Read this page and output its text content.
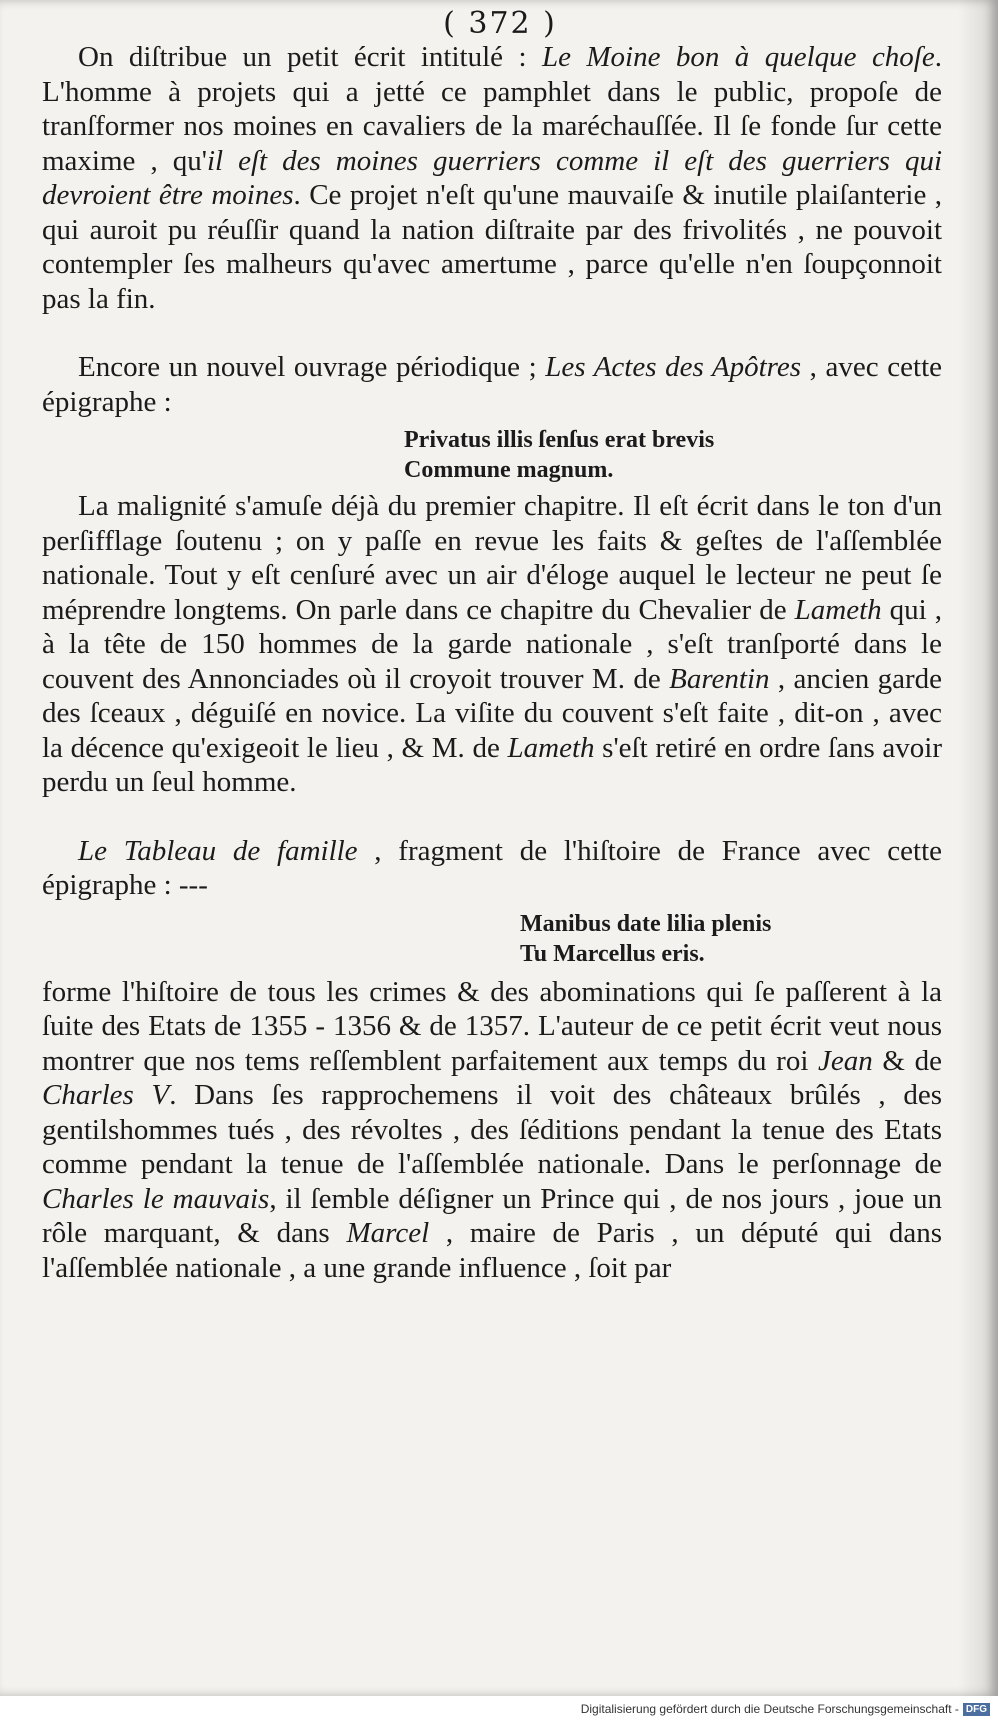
( 372 )

On diſtribue un petit écrit intitulé : Le Moine bon à quelque choſe. L'homme à projets qui a jetté ce pamphlet dans le public, propoſe de tranſformer nos moines en cavaliers de la maréchauſſée. Il ſe fonde ſur cette maxime , qu'il eſt des moines guerriers comme il eſt des guerriers qui devroient être moines. Ce projet n'eſt qu'une mauvaiſe & inutile plaiſanterie , qui auroit pu réuſſir quand la nation diſtraite par des frivolités , ne pouvoit contempler ſes malheurs qu'avec amertume , parce qu'elle n'en ſoupçonnoit pas la fin.

Encore un nouvel ouvrage périodique ; Les Actes des Apôtres , avec cette épigraphe :

Privatus illis ſenſus erat brevis
Commune magnum.

La malignité s'amuſe déjà du premier chapitre. Il eſt écrit dans le ton d'un perſifflage ſoutenu ; on y paſſe en revue les faits & geſtes de l'aſſemblée nationale. Tout y eſt cenſuré avec un air d'éloge auquel le lecteur ne peut ſe méprendre longtems. On parle dans ce chapitre du Chevalier de Lameth qui , à la tête de 150 hommes de la garde nationale , s'eſt tranſporté dans le couvent des Annonciades où il croyoit trouver M. de Barentin , ancien garde des ſceaux , déguiſé en novice. La viſite du couvent s'eſt faite , dit-on , avec la décence qu'exigeoit le lieu , & M. de Lameth s'eſt retiré en ordre ſans avoir perdu un ſeul homme.

Le Tableau de famille , fragment de l'hiſtoire de France avec cette épigraphe : ---

Manibus date lilia plenis
Tu Marcellus eris.

forme l'hiſtoire de tous les crimes & des abominations qui ſe paſſerent à la ſuite des Etats de 1355 - 1356 & de 1357. L'auteur de ce petit écrit veut nous montrer que nos tems reſſemblent parfaitement aux temps du roi Jean & de Charles V. Dans ſes rapprochemens il voit des châteaux brûlés , des gentilshommes tués , des révoltes , des ſéditions pendant la tenue des Etats comme pendant la tenue de l'aſſemblée nationale. Dans le perſonnage de Charles le mauvais, il ſemble déſigner un Prince qui , de nos jours , joue un rôle marquant, & dans Marcel , maire de Paris , un député qui dans l'aſſemblée nationale , a une grande influence , ſoit par

Digitalisierung gefördert durch die Deutsche Forschungsgemeinschaft - DFG
